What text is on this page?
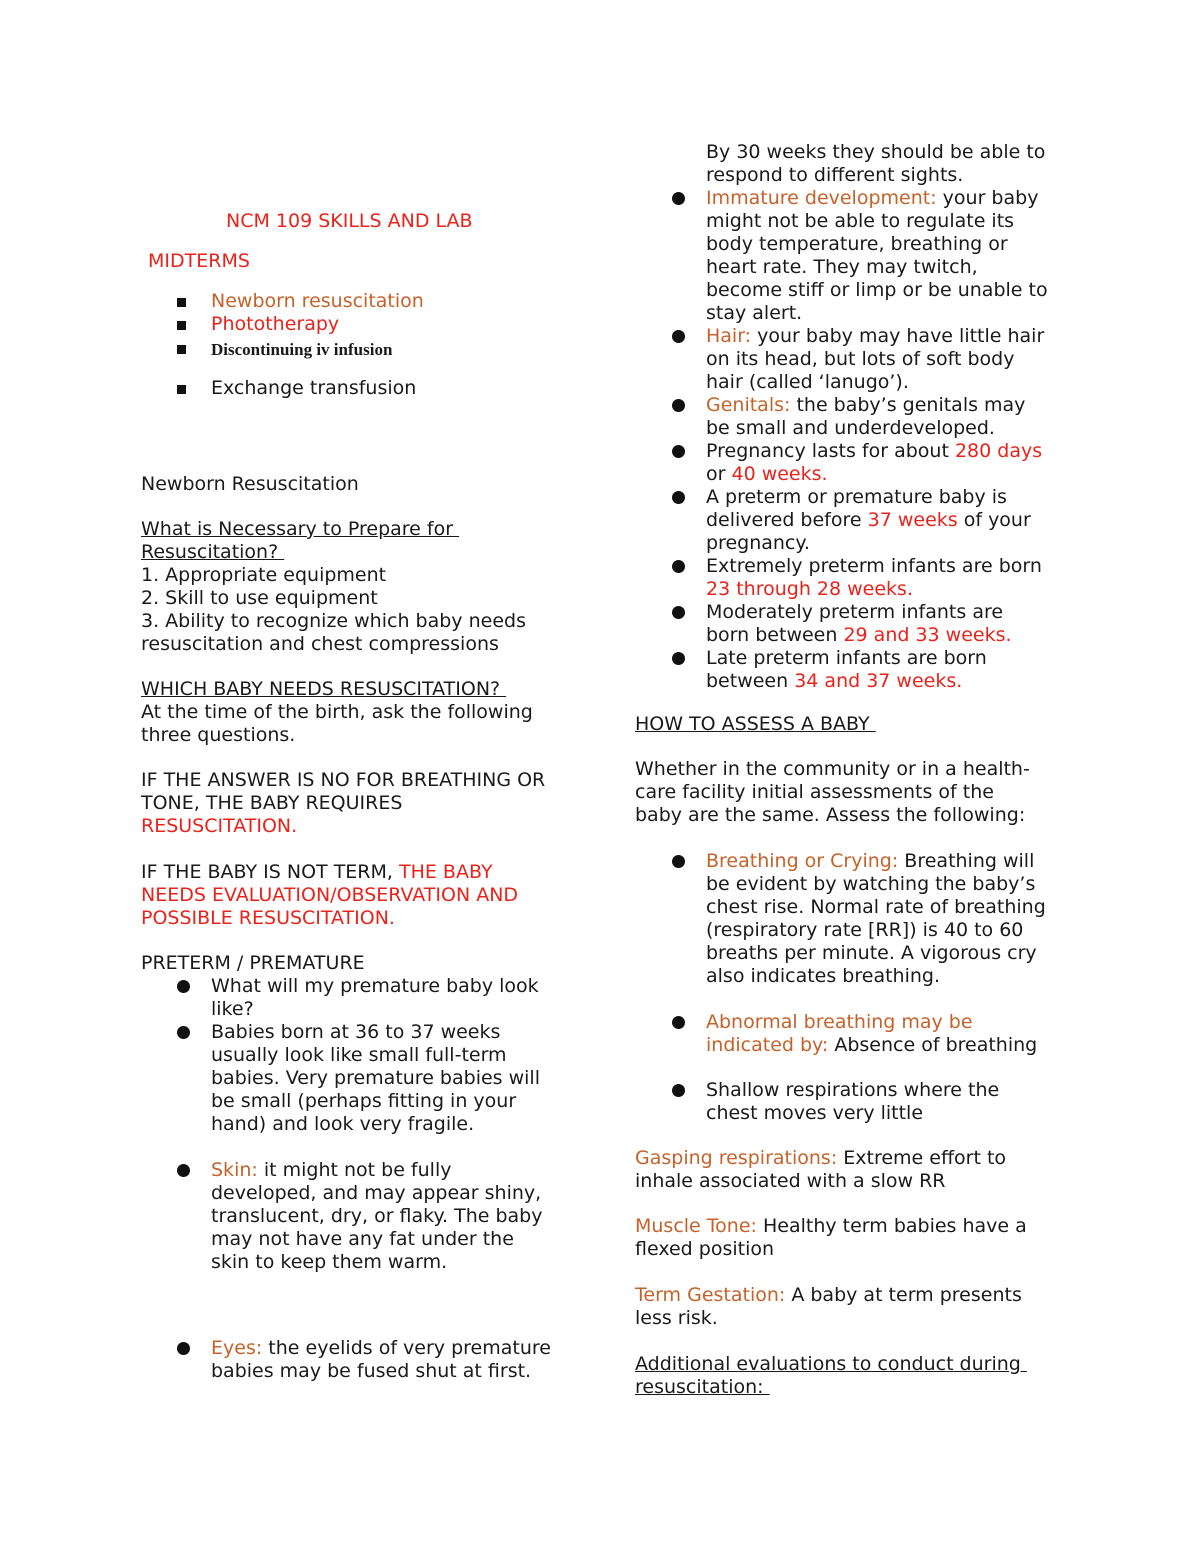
NCM 109 SKILLS AND LAB

MIDTERMS

Newborn resuscitation
Phototherapy
Discontinuing iv infusion
Exchange transfusion

Newborn Resuscitation

What is Necessary to Prepare for
Resuscitation?
1. Appropriate equipment
2. Skill to use equipment
3. Ability to recognize which baby needs
resuscitation and chest compressions
WHICH BABY NEEDS RESUSCITATION?
At the time of the birth, ask the following
three questions.
IF THE ANSWER IS NO FOR BREATHING OR
TONE, THE BABY REQUIRES
RESUSCITATION.
IF THE BABY IS NOT TERM, THE BABY
NEEDS EVALUATION/OBSERVATION AND
POSSIBLE RESUSCITATION.

PRETERM / PREMATURE

What will my premature baby look
like?
Babies born at 36 to 37 weeks
usually look like small full-term
babies. Very premature babies will
be small (perhaps fitting in your
hand) and look very fragile.
Skin: it might not be fully
developed, and may appear shiny,
translucent, dry, or flaky. The baby
may not have any fat under the
skin to keep them warm.
Eyes: the eyelids of very premature
babies may be fused shut at first.
By 30 weeks they should be able to
respond to different sights.
Immature development: your baby
might not be able to regulate its
body temperature, breathing or
heart rate. They may twitch,
become stiff or limp or be unable to
stay alert.
Hair: your baby may have little hair
on its head, but lots of soft body
hair (called ‘lanugo’).
Genitals: the baby’s genitals may
be small and underdeveloped.
Pregnancy lasts for about 280 days
or 40 weeks.
A preterm or premature baby is
delivered before 37 weeks of your
pregnancy.
Extremely preterm infants are born
23 through 28 weeks.
Moderately preterm infants are
born between 29 and 33 weeks.
Late preterm infants are born
between 34 and 37 weeks.

HOW TO ASSESS A BABY

Whether in the community or in a health-
care facility initial assessments of the
baby are the same. Assess the following:
Breathing or Crying: Breathing will
be evident by watching the baby’s
chest rise. Normal rate of breathing
(respiratory rate [RR]) is 40 to 60
breaths per minute. A vigorous cry
also indicates breathing.
Abnormal breathing may be
indicated by: Absence of breathing
Shallow respirations where the
chest moves very little
Gasping respirations: Extreme effort to
inhale associated with a slow RR
Muscle Tone: Healthy term babies have a
flexed position
Term Gestation: A baby at term presents
less risk.
Additional evaluations to conduct during
resuscitation:
